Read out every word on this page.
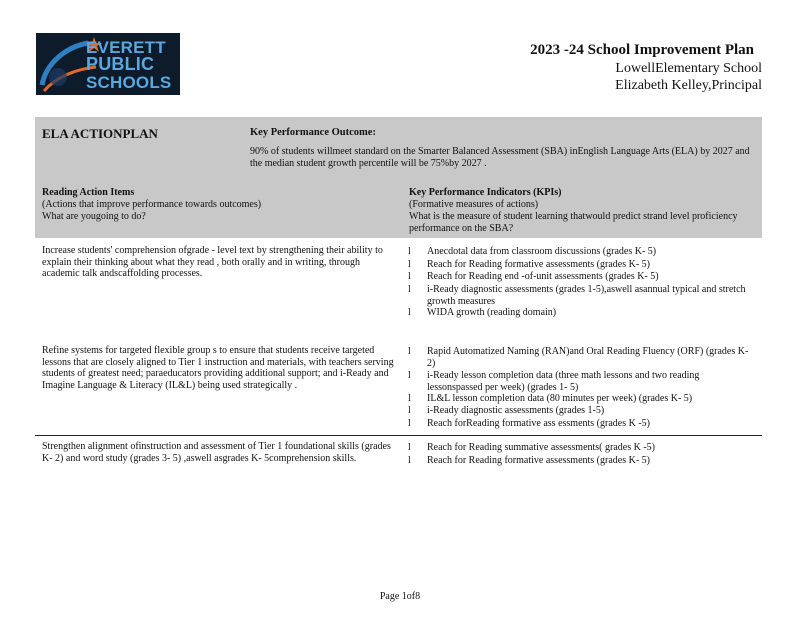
EVERETT
PUBLIC
SCHOOLS
2023 -24 School Improvement Plan
LowellElementary School
Elizabeth Kelley,Principal
ELA ACTIONPLAN	Key Performance Outcome:
90% of students willmeet standard on the Smarter Balanced Assessment (SBA) inEnglish Language Arts (ELA) by 2027 and the median student growth percentile will be 75%by 2027 .
Reading Action Items
(Actions that improve performance towards outcomes)
What are yougoing to do?
Key Performance Indicators (KPIs)
(Formative measures of actions)
What is the measure of student learning thatwould predict strand level proficiency performance on the SBA?
Increase students' comprehension ofgrade - level text by strengthening their ability to explain their thinking about what they read , both orally and in writing, through academic talk andscaffolding processes.
l Anecdotal data from classroom discussions (grades K- 5)
l Reach for Reading formative assessments (grades K- 5)
l Reach for Reading end -of-unit assessments (grades K- 5)
l i-Ready diagnostic assessments (grades 1-5),aswell asannual typical and stretch growth measures
l WIDA growth (reading domain)
Refine systems for targeted flexible group s to ensure that students receive targeted lessons that are closely aligned to Tier 1 instruction and materials, with teachers serving students of greatest need; paraeducators providing additional support; and i-Ready and Imagine Language & Literacy (IL&L) being used strategically .
l Rapid Automatized Naming (RAN)and Oral Reading Fluency (ORF) (grades K- 2)
l i-Ready lesson completion data (three math lessons and two reading lessonspassed per week) (grades 1- 5)
l IL&L lesson completion data (80 minutes per week) (grades K- 5)
l i-Ready diagnostic assessments (grades 1-5)
l Reach forReading formative ass essments (grades K -5)
Strengthen alignment ofinstruction and assessment of Tier 1 foundational skills (grades K- 2) and word study (grades 3- 5) ,aswell asgrades K- 5comprehension skills.
l Reach for Reading summative assessments( grades K -5)
l Reach for Reading formative assessments (grades K- 5)
Page 1of8
